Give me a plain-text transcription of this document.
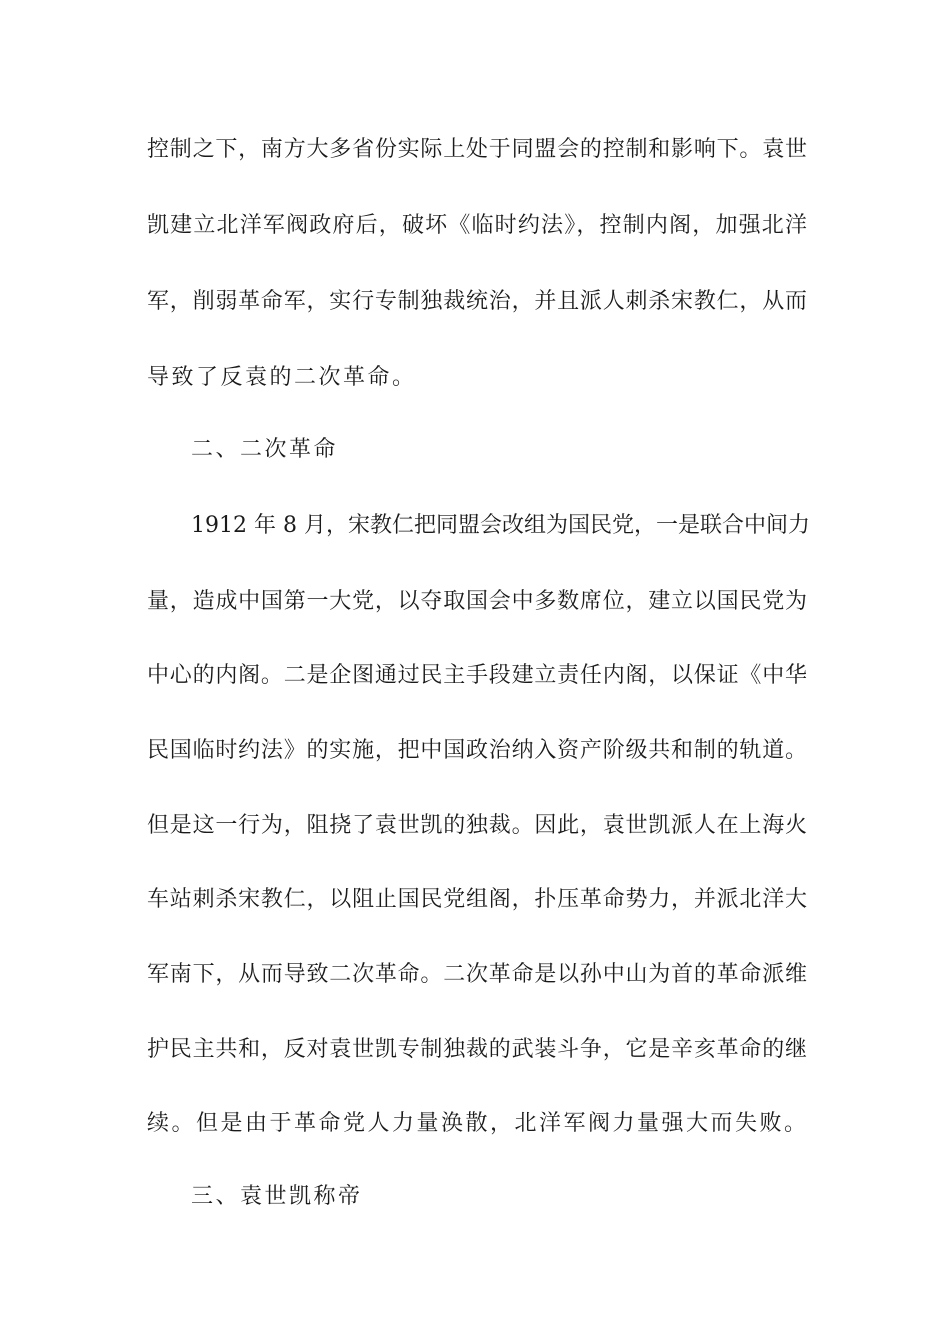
控制之下，南方大多省份实际上处于同盟会的控制和影响下。袁世
凯建立北洋军阀政府后，破坏《临时约法》，控制内阁，加强北洋
军，削弱革命军，实行专制独裁统治，并且派人刺杀宋教仁，从而
导致了反袁的二次革命。
二、二次革命
1912 年 8 月，宋教仁把同盟会改组为国民党，一是联合中间力
量，造成中国第一大党，以夺取国会中多数席位，建立以国民党为
中心的内阁。二是企图通过民主手段建立责任内阁，以保证《中华
民国临时约法》的实施，把中国政治纳入资产阶级共和制的轨道。
但是这一行为，阻挠了袁世凯的独裁。因此，袁世凯派人在上海火
车站刺杀宋教仁，以阻止国民党组阁，扑压革命势力，并派北洋大
军南下，从而导致二次革命。二次革命是以孙中山为首的革命派维
护民主共和，反对袁世凯专制独裁的武装斗争，它是辛亥革命的继
续。但是由于革命党人力量涣散，北洋军阀力量强大而失败。
三、袁世凯称帝
